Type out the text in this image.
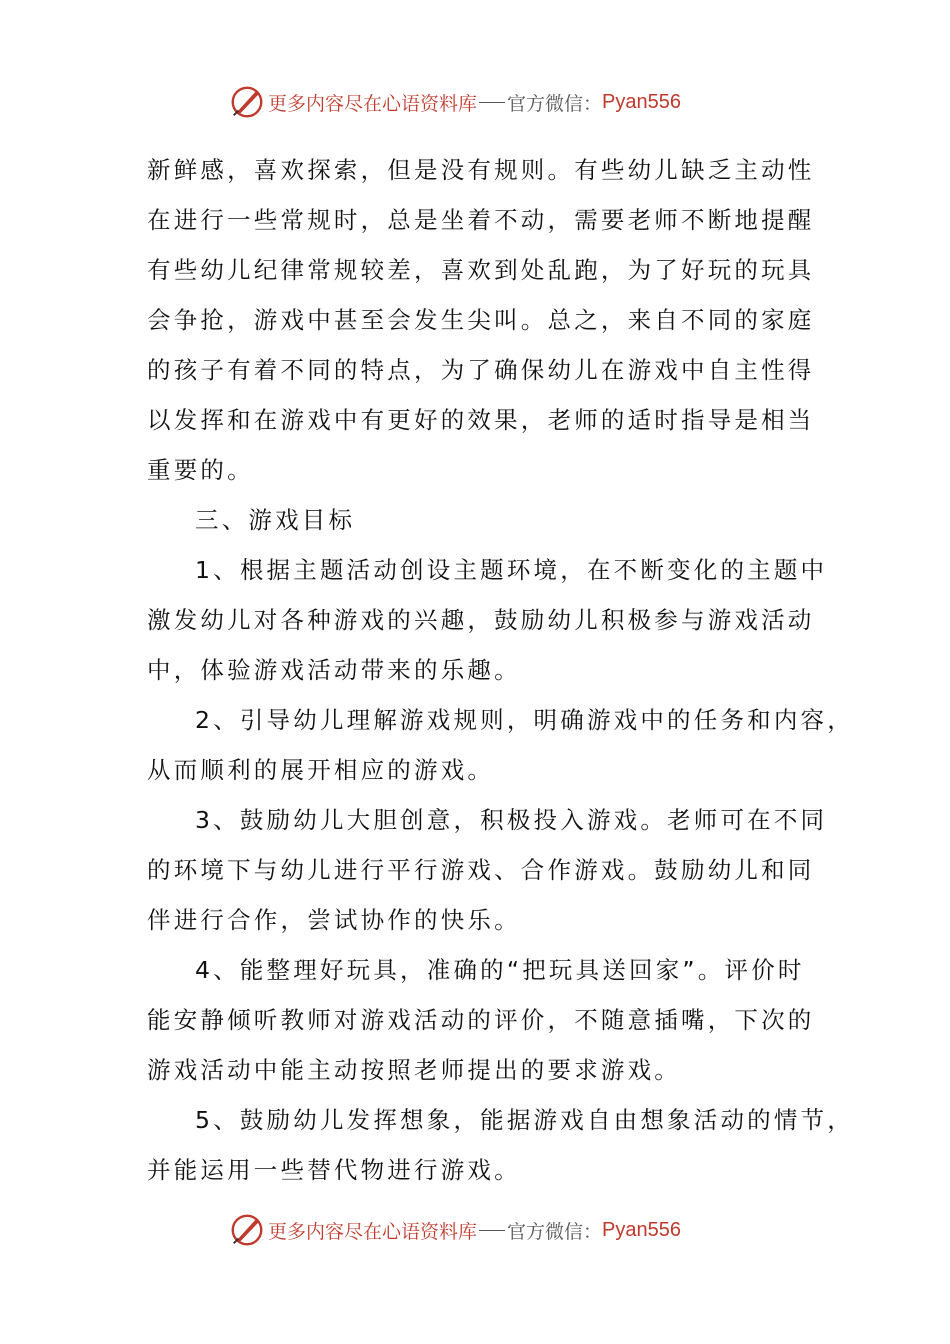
更多内容尽在心语资料库 官方微信： Pyan556
新鲜感，喜欢探索，但是没有规则。有些幼儿缺乏主动性
在进行一些常规时，总是坐着不动，需要老师不断地提醒
有些幼儿纪律常规较差，喜欢到处乱跑，为了好玩的玩具
会争抢，游戏中甚至会发生尖叫。总之，来自不同的家庭
的孩子有着不同的特点，为了确保幼儿在游戏中自主性得
以发挥和在游戏中有更好的效果，老师的适时指导是相当
重要的。
三、游戏目标
1、根据主题活动创设主题环境，在不断变化的主题中
激发幼儿对各种游戏的兴趣，鼓励幼儿积极参与游戏活动
中，体验游戏活动带来的乐趣。
2、引导幼儿理解游戏规则，明确游戏中的任务和内容，
从而顺利的展开相应的游戏。
3、鼓励幼儿大胆创意，积极投入游戏。老师可在不同
的环境下与幼儿进行平行游戏、合作游戏。鼓励幼儿和同
伴进行合作，尝试协作的快乐。
4、能整理好玩具，准确的“把玩具送回家”。评价时
能安静倾听教师对游戏活动的评价，不随意插嘴，下次的
游戏活动中能主动按照老师提出的要求游戏。
5、鼓励幼儿发挥想象，能据游戏自由想象活动的情节，
并能运用一些替代物进行游戏。
更多内容尽在心语资料库 官方微信： Pyan556
